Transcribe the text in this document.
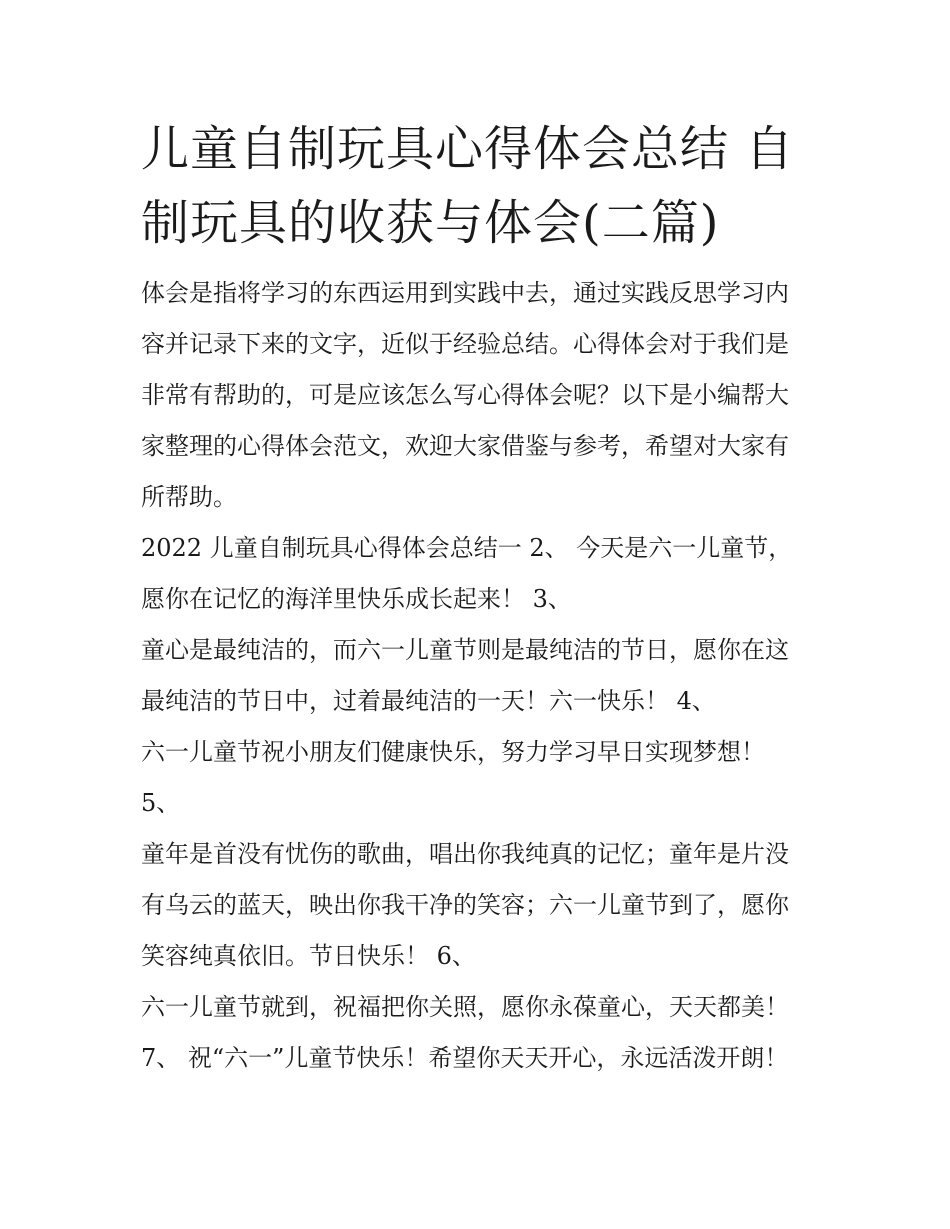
儿童自制玩具心得体会总结 自
制玩具的收获与体会(二篇)
体会是指将学习的东西运用到实践中去，通过实践反思学习内
容并记录下来的文字，近似于经验总结。心得体会对于我们是
非常有帮助的，可是应该怎么写心得体会呢？以下是小编帮大
家整理的心得体会范文，欢迎大家借鉴与参考，希望对大家有
所帮助。
2022 儿童自制玩具心得体会总结一 2、 今天是六一儿童节，
愿你在记忆的海洋里快乐成长起来！ 3、
童心是最纯洁的，而六一儿童节则是最纯洁的节日，愿你在这
最纯洁的节日中，过着最纯洁的一天！六一快乐！ 4、
六一儿童节祝小朋友们健康快乐，努力学习早日实现梦想！
5、
童年是首没有忧伤的歌曲，唱出你我纯真的记忆；童年是片没
有乌云的蓝天，映出你我干净的笑容；六一儿童节到了，愿你
笑容纯真依旧。节日快乐！ 6、
六一儿童节就到，祝福把你关照，愿你永葆童心，天天都美！
7、 祝“六一”儿童节快乐！希望你天天开心，永远活泼开朗！
